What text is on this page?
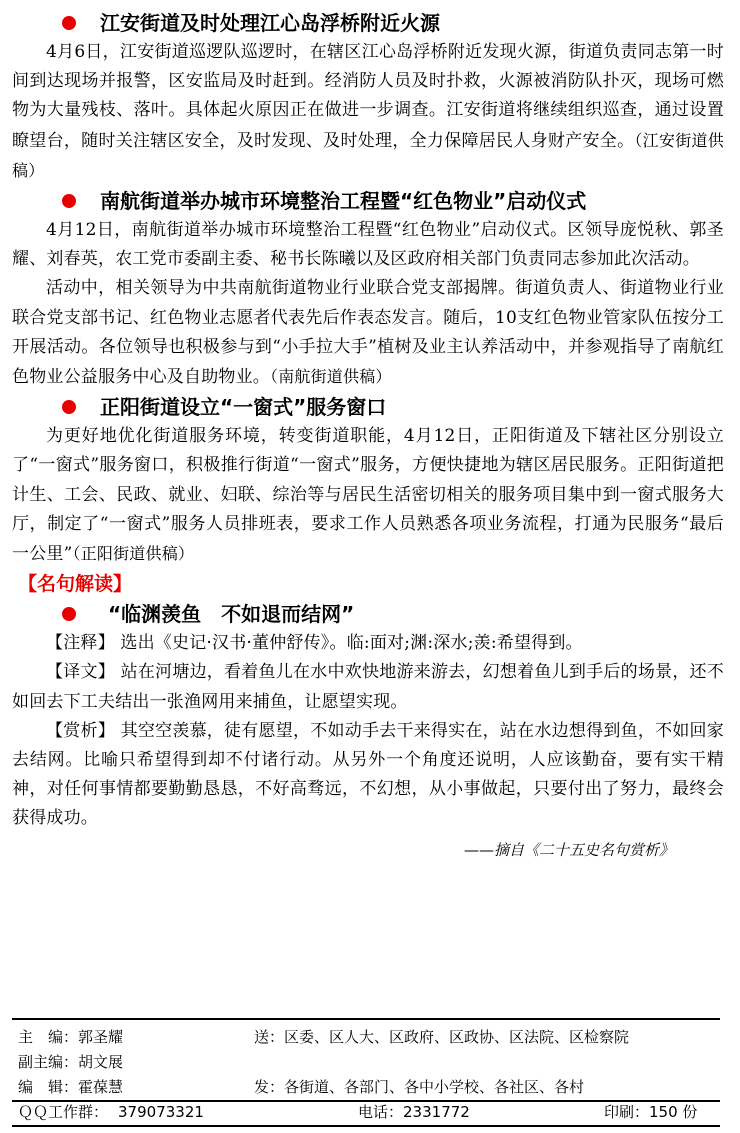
江安街道及时处理江心岛浮桥附近火源

4月6日，江安街道巡逻队巡逻时，在辖区江心岛浮桥附近发现火源，街道负责同志第一时间到达现场并报警，区安监局及时赶到。经消防人员及时扑救，火源被消防队扑灭，现场可燃物为大量残枝、落叶。具体起火原因正在做进一步调查。江安街道将继续组织巡查，通过设置瞭望台，随时关注辖区安全，及时发现、及时处理，全力保障居民人身财产安全。（江安街道供稿）

南航街道举办城市环境整治工程暨“红色物业”启动仪式

4月12日，南航街道举办城市环境整治工程暨“红色物业”启动仪式。区领导庞悦秋、郭圣耀、刘春英，农工党市委副主委、秘书长陈曦以及区政府相关部门负责同志参加此次活动。

活动中，相关领导为中共南航街道物业行业联合党支部揭牌。街道负责人、街道物业行业联合党支部书记、红色物业志愿者代表先后作表态发言。随后，10支红色物业管家队伍按分工开展活动。各位领导也积极参与到“小手拉大手”植树及业主认养活动中，并参观指导了南航红色物业公益服务中心及自助物业。（南航街道供稿）

正阳街道设立“一窗式”服务窗口

为更好地优化街道服务环境，转变街道职能，4月12日，正阳街道及下辖社区分别设立了“一窗式”服务窗口，积极推行街道“一窗式”服务，方便快捷地为辖区居民服务。正阳街道把计生、工会、民政、就业、妇联、综治等与居民生活密切相关的服务项目集中到一窗式服务大厅，制定了“一窗式”服务人员排班表，要求工作人员熟悉各项业务流程，打通为民服务“最后一公里”（正阳街道供稿）

【名句解读】
“临渊羡鱼　不如退而结网”

【注释】 选出《史记·汉书·董仲舒传》。临:面对;渊:深水;羡:希望得到。

【译文】 站在河塘边，看着鱼儿在水中欢快地游来游去，幻想着鱼儿到手后的场景，还不如回去下工夫结出一张渔网用来捕鱼，让愿望实现。

【赏析】 其空空羡慕，徒有愿望，不如动手去干来得实在，站在水边想得到鱼，不如回家去结网。比喻只希望得到却不付诸行动。从另外一个角度还说明，人应该勤奋，要有实干精神，对任何事情都要勤勤恳恳，不好高骛远，不幻想，从小事做起，只要付出了努力，最终会获得成功。

——摘自《二十五史名句赏析》
主　编：郭圣耀	送：区委、区人大、区政府、区政协、区法院、区检察院
副主编：胡文展
编　辑：霍葆慧	发：各街道、各部门、各中小学校、各社区、各村
ＱＱ工作群： 379073321	电话：2331772	印刷：150 份
